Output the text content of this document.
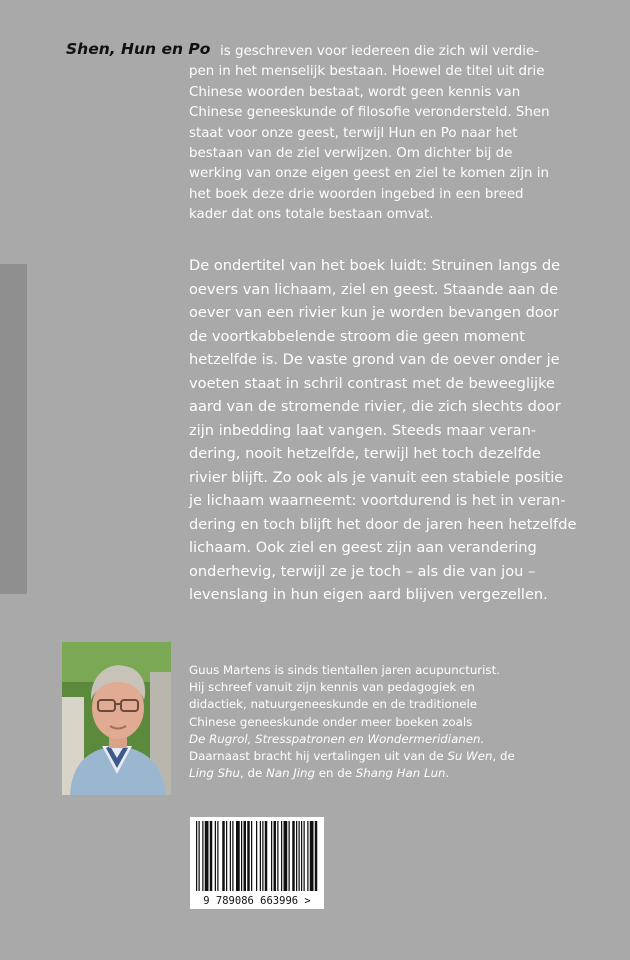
Shen, Hun en Po is geschreven voor iedereen die zich wil verdie-
pen in het menselijk bestaan. Hoewel de titel uit drie
Chinese woorden bestaat, wordt geen kennis van
Chinese geneeskunde of filosofie verondersteld. Shen
staat voor onze geest, terwijl Hun en Po naar het
bestaan van de ziel verwijzen. Om dichter bij de
werking van onze eigen geest en ziel te komen zijn in
het boek deze drie woorden ingebed in een breed
kader dat ons totale bestaan omvat.
De ondertitel van het boek luidt: Struinen langs de
oevers van lichaam, ziel en geest. Staande aan de
oever van een rivier kun je worden bevangen door
de voortkabbelende stroom die geen moment
hetzelfde is. De vaste grond van de oever onder je
voeten staat in schril contrast met de beweeglijke
aard van de stromende rivier, die zich slechts door
zijn inbedding laat vangen. Steeds maar veran-
dering, nooit hetzelfde, terwijl het toch dezelfde
rivier blijft. Zo ook als je vanuit een stabiele positie
je lichaam waarneemt: voortdurend is het in veran-
dering en toch blijft het door de jaren heen hetzelfde
lichaam. Ook ziel en geest zijn aan verandering
onderhevig, terwijl ze je toch – als die van jou –
levenslang in hun eigen aard blijven vergezellen.
Guus Martens is sinds tientallen jaren acupuncturist.
Hij schreef vanuit zijn kennis van pedagogiek en
didactiek, natuurgeneeskunde en de traditionele
Chinese geneeskunde onder meer boeken zoals
De Rugrol, Stresspatronen en Wondermeridianen.
Daarnaast bracht hij vertalingen uit van de Su Wen, de
Ling Shu, de Nan Jing en de Shang Han Lun.
9 789086 663996 >
